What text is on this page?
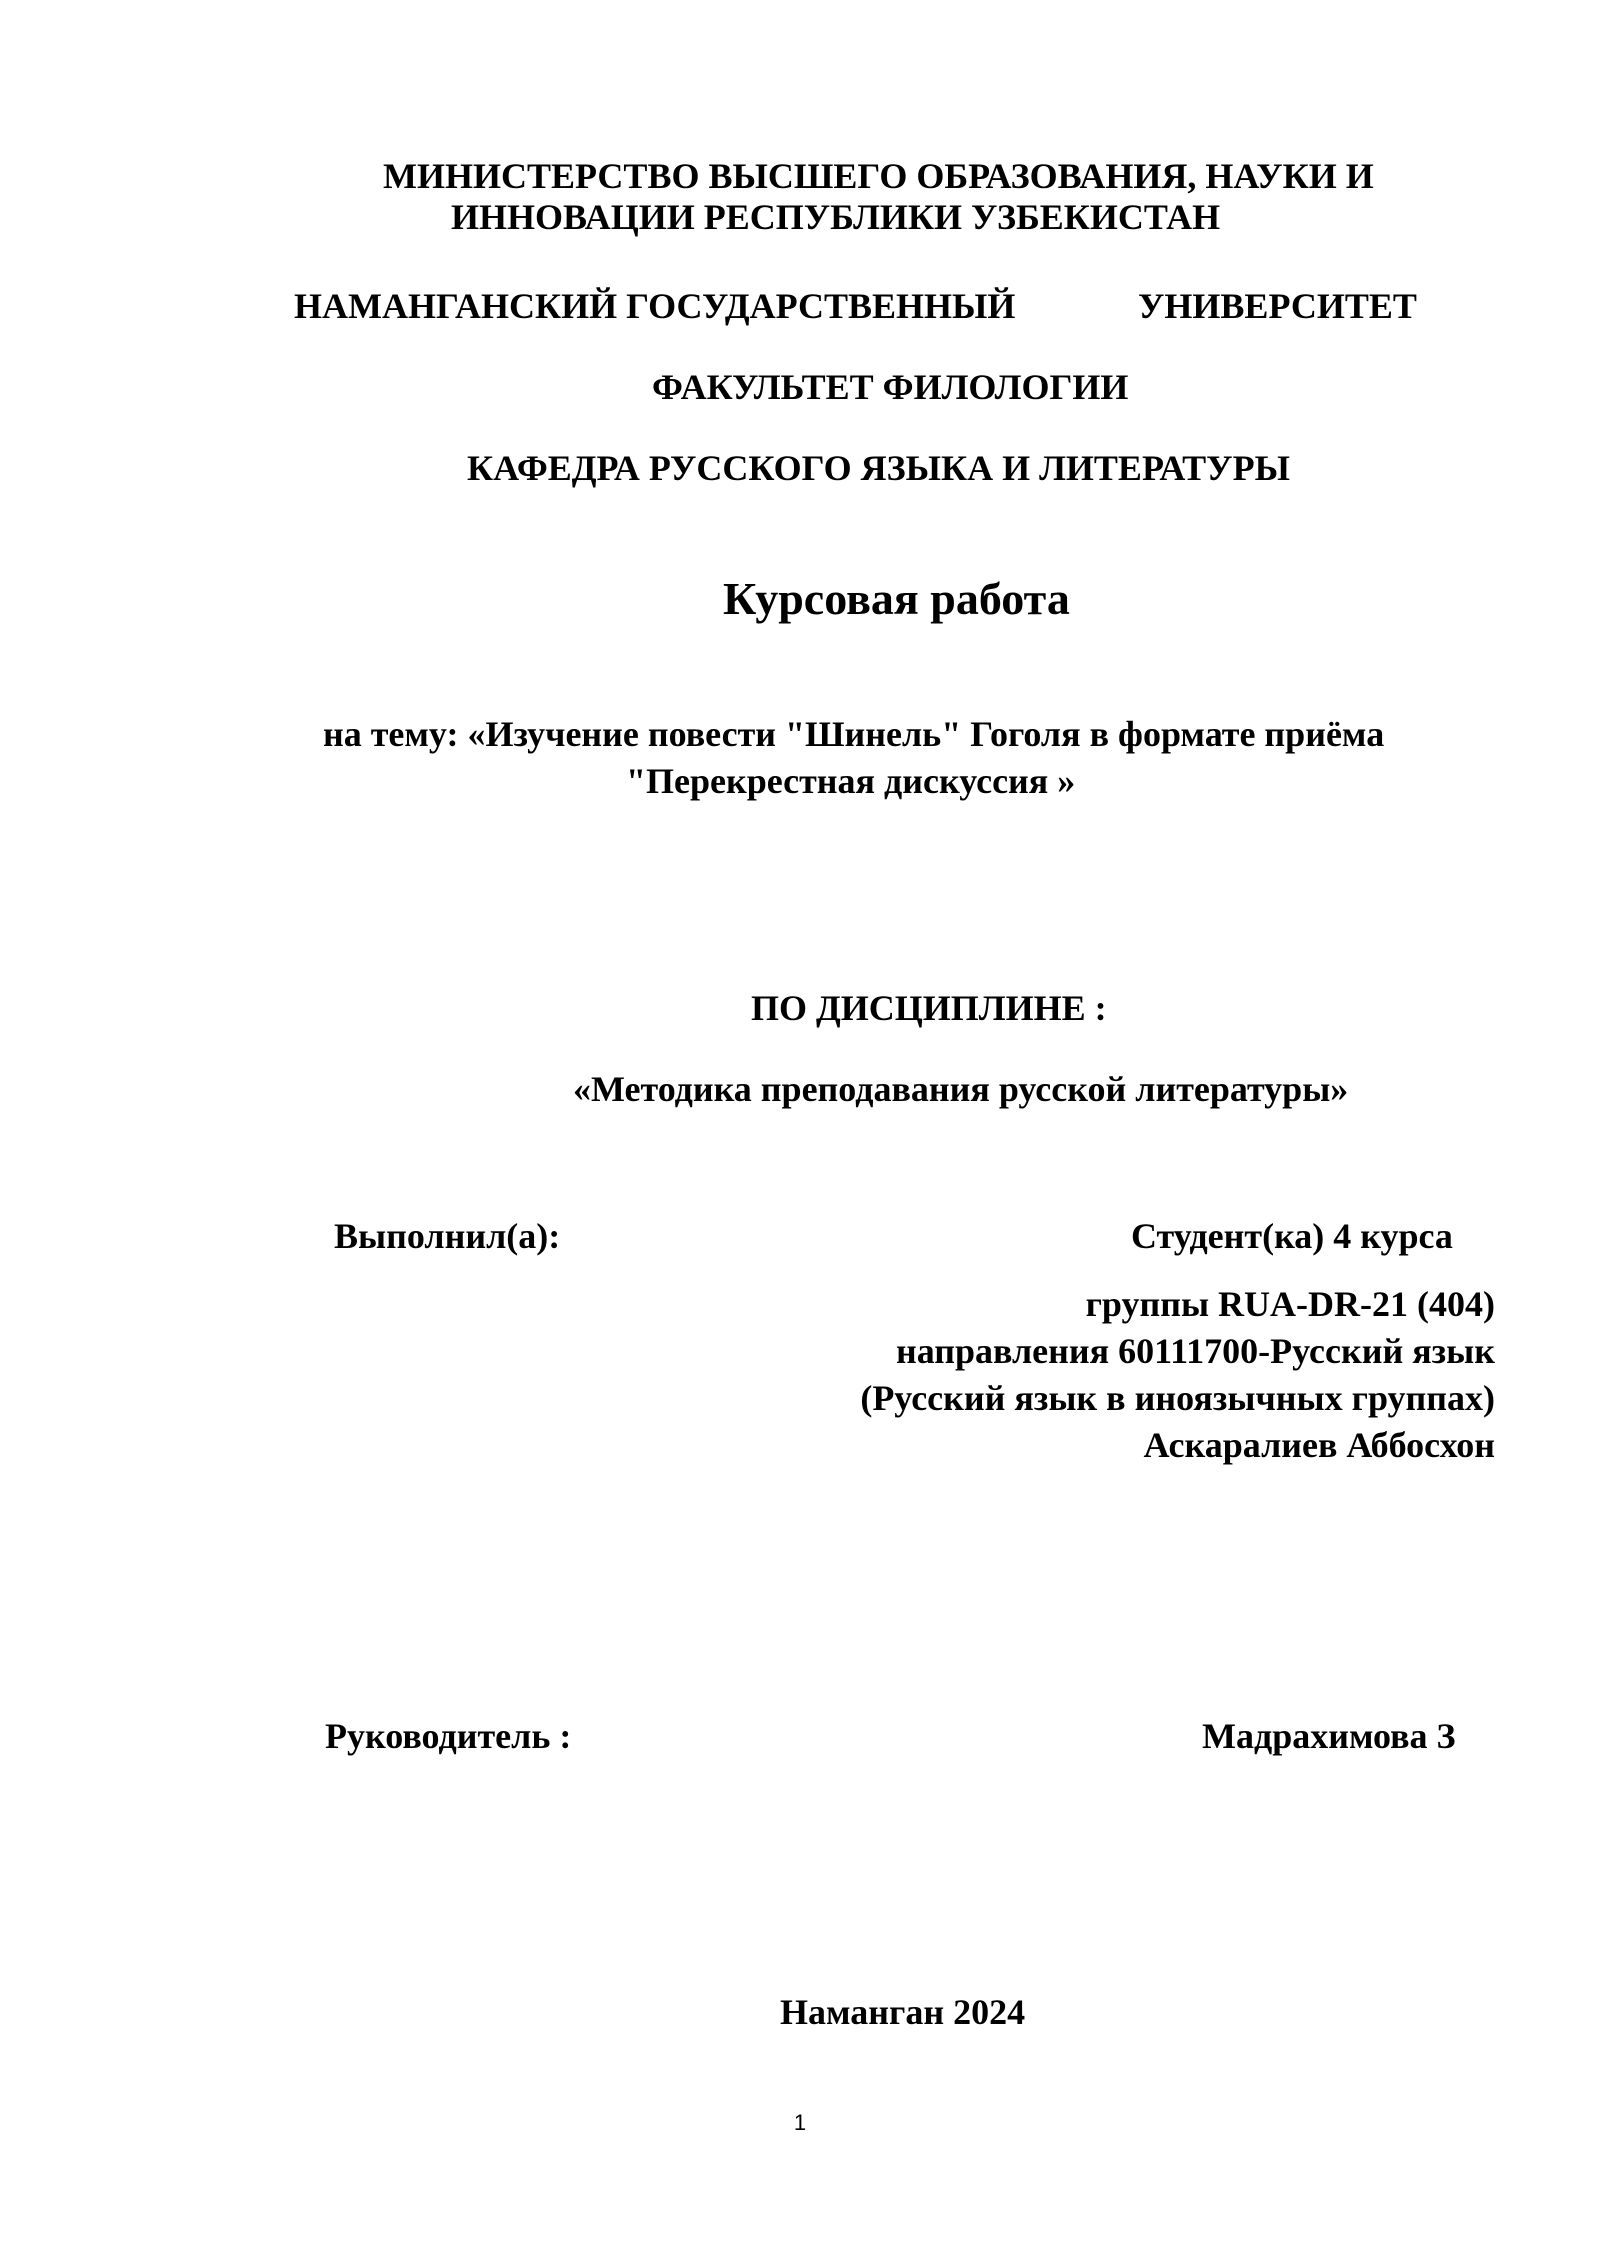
МИНИСТЕРСТВО ВЫСШЕГО ОБРАЗОВАНИЯ, НАУКИ И
ИННОВАЦИИ РЕСПУБЛИКИ УЗБЕКИСТАН
НАМАНГАНСКИЙ ГОСУДАРСТВЕННЫЙ	УНИВЕРСИТЕТ
ФАКУЛЬТЕТ ФИЛОЛОГИИ
КАФЕДРА РУССКОГО ЯЗЫКА И ЛИТЕРАТУРЫ
Курсовая работа
на тему: «Изучение повести "Шинель" Гоголя в формате приёма
"Перекрестная дискуссия »
ПО ДИСЦИПЛИНЕ :
«Методика преподавания русской литературы»
Выполнил(а):	Студент(ка) 4 курса
группы RUA-DR-21 (404)
направления 60111700-Русский язык
(Русский язык в иноязычных группах)
Аскаралиев Аббосхон
Руководитель :	Мадрахимова З
Наманган 2024
1
